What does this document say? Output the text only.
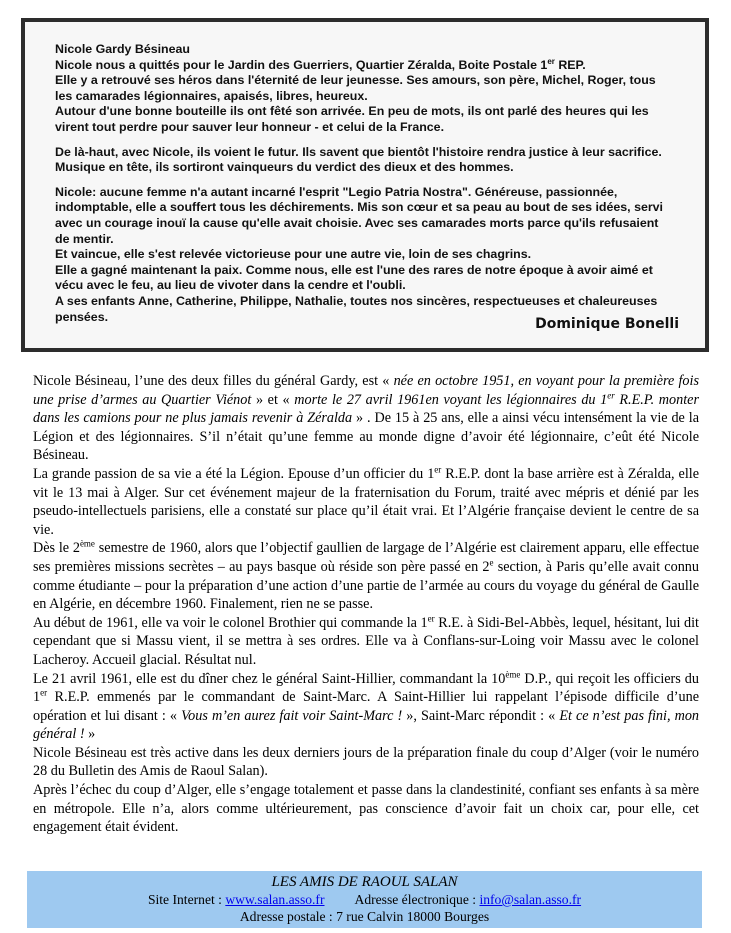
Nicole Gardy Bésineau

Nicole nous a quittés pour le Jardin des Guerriers, Quartier Zéralda, Boite Postale 1er REP.

Elle y a retrouvé ses héros dans l'éternité de leur jeunesse. Ses amours, son père, Michel, Roger, tous les camarades légionnaires, apaisés, libres, heureux.

Autour d'une bonne bouteille ils ont fêté son arrivée. En peu de mots, ils ont parlé des heures qui les virent tout perdre pour sauver leur honneur - et celui de la France.

De là-haut, avec Nicole, ils voient le futur. Ils savent que bientôt l'histoire rendra justice à leur sacrifice. Musique en tête, ils sortiront vainqueurs du verdict des dieux et des hommes.

Nicole: aucune femme n'a autant incarné l'esprit "Legio Patria Nostra". Généreuse, passionnée, indomptable, elle a souffert tous les déchirements. Mis son cœur et sa peau au bout de ses idées, servi avec un courage inouï la cause qu'elle avait choisie. Avec ses camarades morts parce qu'ils refusaient de mentir.

Et vaincue, elle s'est relevée victorieuse pour une autre vie, loin de ses chagrins.

Elle a gagné maintenant la paix. Comme nous, elle est l'une des rares de notre époque à avoir aimé et vécu avec le feu, au lieu de vivoter dans la cendre et l'oubli.

A ses enfants Anne, Catherine, Philippe, Nathalie, toutes nos sincères, respectueuses et chaleureuses pensées.	Dominique Bonelli

Nicole Bésineau, l’une des deux filles du général Gardy, est « née en octobre 1951, en voyant pour la première fois une prise d’armes au Quartier Viénot » et « morte le 27 avril 1961en voyant les légionnaires du 1er R.E.P. monter dans les camions pour ne plus jamais revenir à Zéralda » . De 15 à 25 ans, elle a ainsi vécu intensément la vie de la Légion et des légionnaires. S’il n’était qu’une femme au monde digne d’avoir été légionnaire, c’eût été Nicole Bésineau.

La grande passion de sa vie a été la Légion. Epouse d’un officier du 1er R.E.P. dont la base arrière est à Zéralda, elle vit le 13 mai à Alger. Sur cet événement majeur de la fraternisation du Forum, traité avec mépris et dénié par les pseudo-intellectuels parisiens, elle a constaté sur place qu’il était vrai. Et l’Algérie française devient le centre de sa vie.

Dès le 2ème semestre de 1960, alors que l’objectif gaullien de largage de l’Algérie est clairement apparu, elle effectue ses premières missions secrètes – au pays basque où réside son père passé en 2e section, à Paris qu’elle avait connu comme étudiante – pour la préparation d’une action d’une partie de l’armée au cours du voyage du général de Gaulle en Algérie, en décembre 1960. Finalement, rien ne se passe.

Au début de 1961, elle va voir le colonel Brothier qui commande la 1er R.E. à Sidi-Bel-Abbès, lequel, hésitant, lui dit cependant que si Massu vient, il se mettra à ses ordres. Elle va à Conflans-sur-Loing voir Massu avec le colonel Lacheroy. Accueil glacial. Résultat nul.

Le 21 avril 1961, elle est du dîner chez le général Saint-Hillier, commandant la 10ème D.P., qui reçoit les officiers du 1er R.E.P. emmenés par le commandant de Saint-Marc. A Saint-Hillier lui rappelant l’épisode difficile d’une opération et lui disant : « Vous m’en aurez fait voir Saint-Marc ! », Saint-Marc répondit : « Et ce n’est pas fini, mon général ! »

Nicole Bésineau est très active dans les deux derniers jours de la préparation finale du coup d’Alger (voir le numéro 28 du Bulletin des Amis de Raoul Salan).

Après l’échec du coup d’Alger, elle s’engage totalement et passe dans la clandestinité, confiant ses enfants à sa mère en métropole. Elle n’a, alors comme ultérieurement, pas conscience d’avoir fait un choix car, pour elle, cet engagement était évident.

LES AMIS DE RAOUL SALAN
Site Internet : www.salan.asso.fr Adresse électronique : info@salan.asso.fr
Adresse postale : 7 rue Calvin 18000 Bourges
